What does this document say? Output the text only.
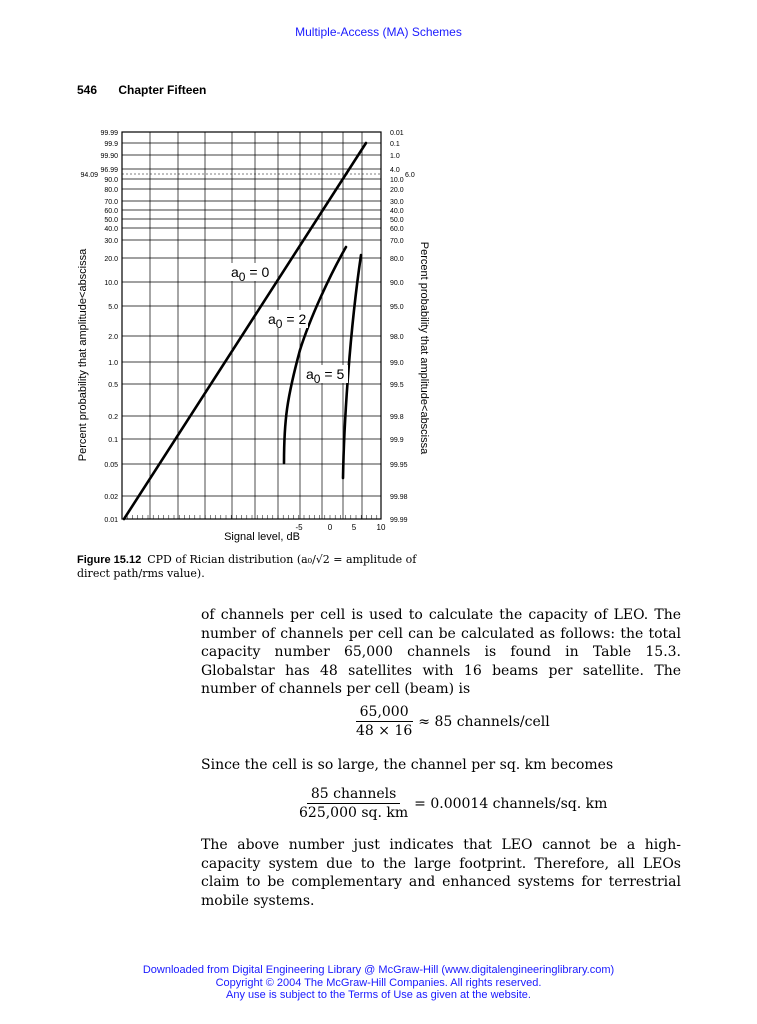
Multiple-Access (MA) Schemes
546 Chapter Fifteen
99.99	0.01
99.9	0.1
99.90	1.0
96.99	4.0
90.0	10.0
80.0	20.0
70.0	30.0
60.0	40.0
50.0	50.0
40.0	60.0
30.0	70.0
20.0	80.0
10.0	90.0
5.0	95.0
2.0	98.0
1.0	99.0
0.5	99.5
0.2	99.8
0.1	99.9
0.05	99.95
0.02	99.98
0.01	99.99
94.09	6.0
-5	0 5	10
Signal level, dB
Percent probability that amplitude<abscissa	Percent probability that amplitude<abscissa
a0 = 0
a0 = 2
a0 = 5
Figure 15.12 CPD of Rician distribution (a₀/√2 = amplitude of direct path/rms value).
of channels per cell is used to calculate the capacity of LEO. The number of channels per cell can be calculated as follows: the total capacity number 65,000 channels is found in Table 15.3. Globalstar has 48 satellites with 16 beams per satellite. The number of channels per cell (beam) is
$\frac{65,000}{48 \times 16} \approx 85$ channels/cell
Since the cell is so large, the channel per sq. km becomes
$\frac{\text{85 channels}}{625,000 sq. km} = 0.00014$ channels/sq. km
The above number just indicates that LEO cannot be a high-capacity system due to the large footprint. Therefore, all LEOs claim to be complementary and enhanced systems for terrestrial mobile systems.
Downloaded from Digital Engineering Library @ McGraw-Hill (www.digitalengineeringlibrary.com)
Copyright © 2004 The McGraw-Hill Companies. All rights reserved.
Any use is subject to the Terms of Use as given at the website.
